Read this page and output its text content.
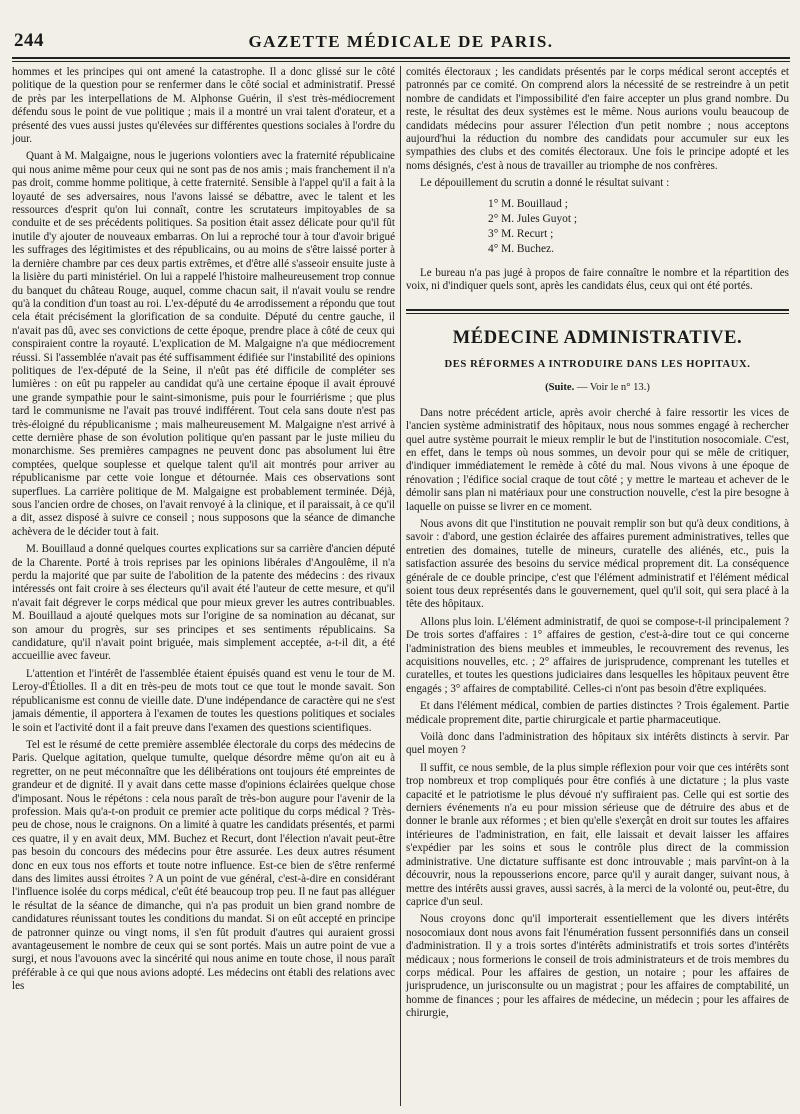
244	GAZETTE MÉDICALE DE PARIS.

hommes et les principes qui ont amené la catastrophe. Il a donc glissé sur le côté politique de la question pour se renfermer dans le côté social et administratif. Pressé de près par les interpellations de M. Alphonse Guérin, il s'est très-médiocrement défendu sous le point de vue politique ; mais il a montré un vrai talent d'orateur, et a présenté des vues aussi justes qu'élevées sur différentes questions sociales à l'ordre du jour.

Quant à M. Malgaigne, nous le jugerions volontiers avec la fraternité républicaine qui nous anime même pour ceux qui ne sont pas de nos amis ; mais franchement il n'a pas droit, comme homme politique, à cette fraternité. Sensible à l'appel qu'il a fait à la loyauté de ses adversaires, nous l'avons laissé se débattre, avec le talent et les ressources d'esprit qu'on lui connaît, contre les scrutateurs impitoyables de sa conduite et de ses précédents politiques. Sa position était assez délicate pour qu'il fût inutile d'y ajouter de nouveaux embarras. On lui a reproché tour à tour d'avoir brigué les suffrages des légitimistes et des républicains, ou au moins de s'être laissé porter à la dernière chambre par ces deux partis extrêmes, et d'être allé s'asseoir ensuite juste à la lisière du parti ministériel. On lui a rappelé l'histoire malheureusement trop connue du banquet du château Rouge, auquel, comme chacun sait, il n'avait voulu se rendre qu'à la condition d'un toast au roi. L'ex-député du 4e arrodissement a répondu que tout cela était précisément la glorification de sa conduite. Député du centre gauche, il n'avait pas dû, avec ses convictions de cette époque, prendre place à côté de ceux qui conspiraient contre la royauté. L'explication de M. Malgaigne n'a que médiocrement réussi. Si l'assemblée n'avait pas été suffisamment édifiée sur l'instabilité des opinions politiques de l'ex-député de la Seine, il n'eût pas été difficile de compléter ses lumières : on eût pu rappeler au candidat qu'à une certaine époque il avait éprouvé une grande sympathie pour le saint-simonisme, puis pour le fourriérisme ; que plus tard le communisme ne l'avait pas trouvé indifférent. Tout cela sans doute n'est pas très-éloigné du républicanisme ; mais malheureusement M. Malgaigne n'est arrivé à cette dernière phase de son évolution politique qu'en passant par le juste milieu du monarchisme. Ses premières campagnes ne peuvent donc pas absolument lui être comptées, quelque souplesse et quelque talent qu'il ait montrés pour arriver au républicanisme par cette voie longue et détournée. Mais ces observations sont superflues. La carrière politique de M. Malgaigne est probablement terminée. Déjà, sous l'ancien ordre de choses, on l'avait renvoyé à la clinique, et il paraissait, à ce qu'il a dit, assez disposé à suivre ce conseil ; nous supposons que la séance de dimanche achèvera de le décider tout à fait.

M. Bouillaud a donné quelques courtes explications sur sa carrière d'ancien député de la Charente. Porté à trois reprises par les opinions libérales d'Angoulême, il n'a perdu la majorité que par suite de l'abolition de la patente des médecins : des rivaux intéressés ont fait croire à ses électeurs qu'il avait été l'auteur de cette mesure, et qu'il n'avait fait dégrever le corps médical que pour mieux grever les autres contribuables. M. Bouillaud a ajouté quelques mots sur l'origine de sa nomination au décanat, sur son amour du progrès, sur ses principes et ses sentiments républicains. Sa candidature, qu'il n'avait point briguée, mais simplement acceptée, a-t-il dit, a été accueillie avec faveur.

L'attention et l'intérêt de l'assemblée étaient épuisés quand est venu le tour de M. Leroy-d'Étiolles. Il a dit en très-peu de mots tout ce que tout le monde savait. Son républicanisme est connu de vieille date. D'une indépendance de caractère qui ne s'est jamais démentie, il apportera à l'examen de toutes les questions politiques et sociales le soin et l'activité dont il a fait preuve dans l'examen des questions scientifiques.

Tel est le résumé de cette première assemblée électorale du corps des médecins de Paris. Quelque agitation, quelque tumulte, quelque désordre même qu'on ait eu à regretter, on ne peut méconnaître que les délibérations ont toujours été empreintes de grandeur et de dignité. Il y avait dans cette masse d'opinions éclairées quelque chose d'imposant. Nous le répétons : cela nous paraît de très-bon augure pour l'avenir de la profession. Mais qu'a-t-on produit ce premier acte politique du corps médical ? Très-peu de chose, nous le craignons. On a limité à quatre les candidats présentés, et parmi ces quatre, il y en avait deux, MM. Buchez et Recurt, dont l'élection n'avait peut-être pas besoin du concours des médecins pour être assurée. Les deux autres résument donc en eux tous nos efforts et toute notre influence. Est-ce bien de s'être renfermé dans des limites aussi étroites ? A un point de vue général, c'est-à-dire en considérant l'influence isolée du corps médical, c'eût été beaucoup trop peu. Il ne faut pas alléguer le résultat de la séance de dimanche, qui n'a pas produit un bien grand nombre de candidatures réunissant toutes les conditions du mandat. Si on eût accepté en principe de patronner quinze ou vingt noms, il s'en fût produit d'autres qui auraient grossi avantageusement le nombre de ceux qui se sont portés. Mais un autre point de vue a surgi, et nous l'avouons avec la sincérité qui nous anime en toute chose, il nous paraît préférable à ce qui que nous avions adopté. Les médecins ont établi des relations avec les

comités électoraux ; les candidats présentés par le corps médical seront acceptés et patronnés par ce comité. On comprend alors la nécessité de se restreindre à un petit nombre de candidats et l'impossibilité d'en faire accepter un plus grand nombre. Du reste, le résultat des deux systèmes est le même. Nous aurions voulu beaucoup de candidats médecins pour assurer l'élection d'un petit nombre ; nous acceptons aujourd'hui la réduction du nombre des candidats pour accumuler sur eux les sympathies des clubs et des comités électoraux. Une fois le principe adopté et les noms désignés, c'est à nous de travailler au triomphe de nos confrères.

Le dépouillement du scrutin a donné le résultat suivant :

1° M. Bouillaud ;
2° M. Jules Guyot ;
3° M. Recurt ;
4° M. Buchez.

Le bureau n'a pas jugé à propos de faire connaître le nombre et la répartition des voix, ni d'indiquer quels sont, après les candidats élus, ceux qui ont été portés.

MÉDECINE ADMINISTRATIVE.
DES RÉFORMES A INTRODUIRE DANS LES HOPITAUX.
(Suite. — Voir le n° 13.)

Dans notre précédent article, après avoir cherché à faire ressortir les vices de l'ancien système administratif des hôpitaux, nous nous sommes engagé à rechercher quel autre système pourrait le mieux remplir le but de l'institution nosocomiale. C'est, en effet, dans le temps où nous sommes, un devoir pour qui se mêle de critiquer, d'indiquer immédiatement le remède à côté du mal. Nous vivons à une époque de rénovation ; l'édifice social craque de tout côté ; y mettre le marteau et achever de le démolir sans plan ni matériaux pour une construction nouvelle, c'est la pire besogne à laquelle on puisse se livrer en ce moment.

Nous avons dit que l'institution ne pouvait remplir son but qu'à deux conditions, à savoir : d'abord, une gestion éclairée des affaires purement administratives, telles que entretien des domaines, tutelle de mineurs, curatelle des aliénés, etc., puis la satisfaction assurée des besoins du service médical proprement dit. La conséquence générale de ce double principe, c'est que l'élément administratif et l'élément médical soient tous deux représentés dans le gouvernement, quel qu'il soit, qui sera placé à la tête des hôpitaux.

Allons plus loin. L'élément administratif, de quoi se compose-t-il principalement ? De trois sortes d'affaires : 1° affaires de gestion, c'est-à-dire tout ce qui concerne l'administration des biens meubles et immeubles, le recouvrement des revenus, les acquisitions nouvelles, etc. ; 2° affaires de jurisprudence, comprenant les tutelles et curatelles, et toutes les questions judiciaires dans lesquelles les hôpitaux peuvent être engagés ; 3° affaires de comptabilité. Celles-ci n'ont pas besoin d'être expliquées.

Et dans l'élément médical, combien de parties distinctes ? Trois également. Partie médicale proprement dite, partie chirurgicale et partie pharmaceutique.

Voilà donc dans l'administration des hôpitaux six intérêts distincts à servir. Par quel moyen ?

Il suffit, ce nous semble, de la plus simple réflexion pour voir que ces intérêts sont trop nombreux et trop compliqués pour être confiés à une dictature ; la plus vaste capacité et le patriotisme le plus dévoué n'y suffiraient pas. Celle qui est sortie des derniers événements n'a eu pour mission sérieuse que de détruire des abus et de donner le branle aux réformes ; et bien qu'elle s'exerçât en droit sur toutes les affaires intérieures de l'administration, en fait, elle laissait et devait laisser les affaires s'expédier par les soins et sous le contrôle plus direct de la commission administrative. Une dictature suffisante est donc introuvable ; mais parvînt-on à la découvrir, nous la repousserions encore, parce qu'il y aurait danger, suivant nous, à mettre des intérêts aussi graves, aussi sacrés, à la merci de la volonté ou, peut-être, du caprice d'un seul.

Nous croyons donc qu'il importerait essentiellement que les divers intérêts nosocomiaux dont nous avons fait l'énumération fussent personnifiés dans un conseil d'administration. Il y a trois sortes d'intérêts administratifs et trois sortes d'intérêts médicaux ; nous formerions le conseil de trois administrateurs et de trois membres du corps médical. Pour les affaires de gestion, un notaire ; pour les affaires de jurisprudence, un jurisconsulte ou un magistrat ; pour les affaires de comptabilité, un homme de finances ; pour les affaires de médecine, un médecin ; pour les affaires de chirurgie,
